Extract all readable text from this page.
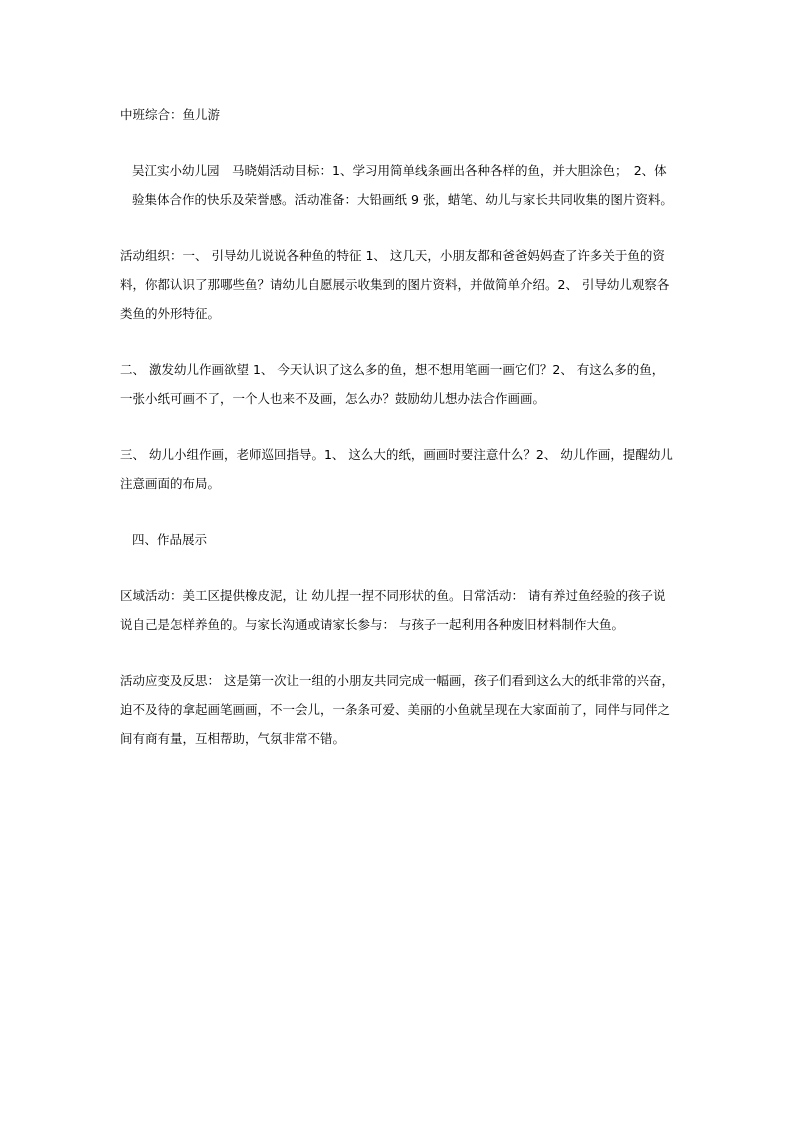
中班综合：鱼儿游

吴江实小幼儿园　马晓娟活动目标：1、学习用简单线条画出各种各样的鱼，并大胆涂色；　2、体验集体合作的快乐及荣誉感。活动准备：大铅画纸 9 张，蜡笔、幼儿与家长共同收集的图片资料。

活动组织：一、 引导幼儿说说各种鱼的特征 1、 这几天，小朋友都和爸爸妈妈查了许多关于鱼的资料，你都认识了那哪些鱼？请幼儿自愿展示收集到的图片资料，并做简单介绍。2、 引导幼儿观察各类鱼的外形特征。

二、 激发幼儿作画欲望 1、 今天认识了这么多的鱼，想不想用笔画一画它们？2、 有这么多的鱼，一张小纸可画不了，一个人也来不及画，怎么办？鼓励幼儿想办法合作画画。

三、 幼儿小组作画，老师巡回指导。1、 这么大的纸，画画时要注意什么？2、 幼儿作画，提醒幼儿注意画面的布局。

四、作品展示

区域活动：美工区提供橡皮泥，让 幼儿捏一捏不同形状的鱼。日常活动： 请有养过鱼经验的孩子说说自己是怎样养鱼的。与家长沟通或请家长参与： 与孩子一起利用各种废旧材料制作大鱼。

活动应变及反思： 这是第一次让一组的小朋友共同完成一幅画，孩子们看到这么大的纸非常的兴奋，迫不及待的拿起画笔画画，不一会儿，一条条可爱、美丽的小鱼就呈现在大家面前了，同伴与同伴之间有商有量，互相帮助，气氛非常不错。
